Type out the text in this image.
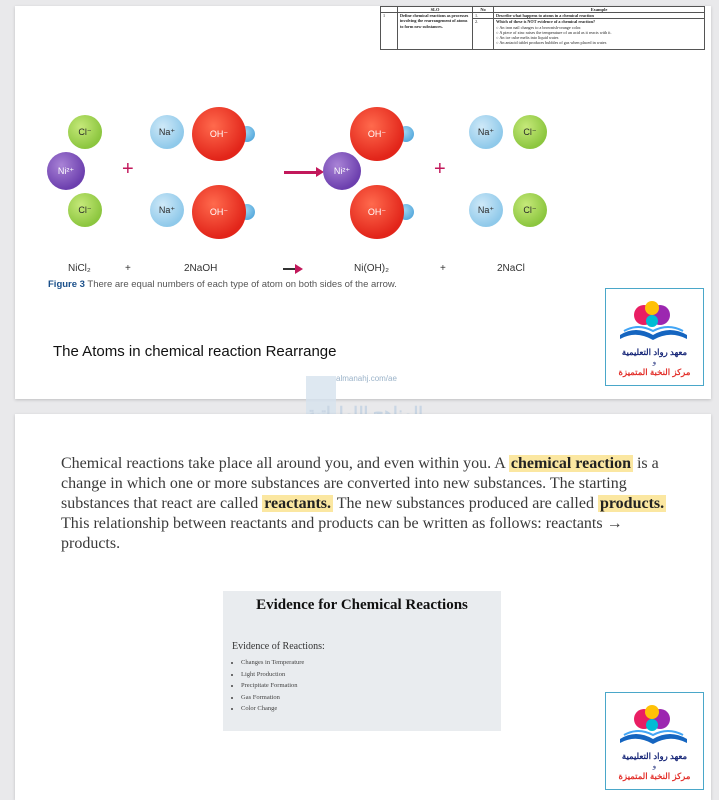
	SLO	No	Example
1	Define chemical reactions as processes involving the rearrangement of atoms to form new substances.	1.	Describe what happens to atoms in a chemical reaction
		2.	Which of these is NOT evidence of a chemical reaction?
○ An iron nail changes to a brownish-orange color.
○ A piece of zinc raises the temperature of an acid as it reacts with it.
○ An ice cube melts into liquid water.
○ An antacid tablet produces bubbles of gas when placed in water.
Cl⁻
Cl⁻
Ni²⁺	+
Na⁺
Na⁺
OH⁻
OH⁻
→	Ni²⁺
OH⁻
OH⁻
+
Na⁺
Na⁺
Cl⁻
Cl⁻
NiCl₂	+	2NaOH	Ni(OH)₂	+	2NaCl
Figure 3 There are equal numbers of each type of atom on both sides of the arrow.
The Atoms in chemical reaction Rearrange	معهد رواد التعليمية
و
مركز النخبة المتميزة
almanahj.com/ae
Chemical reactions take place all around you, and even within you. A chemical reaction is a change in which one or more substances are converted into new substances. The starting substances that react are called reactants. The new substances produced are called products. This relationship between reactants and products can be written as follows: reactants → products.
Evidence for Chemical Reactions
Evidence of Reactions:
• Changes in Temperature
• Light Production
• Precipitate Formation
• Gas Formation
• Color Change
معهد رواد التعليمية
و
مركز النخبة المتميزة
